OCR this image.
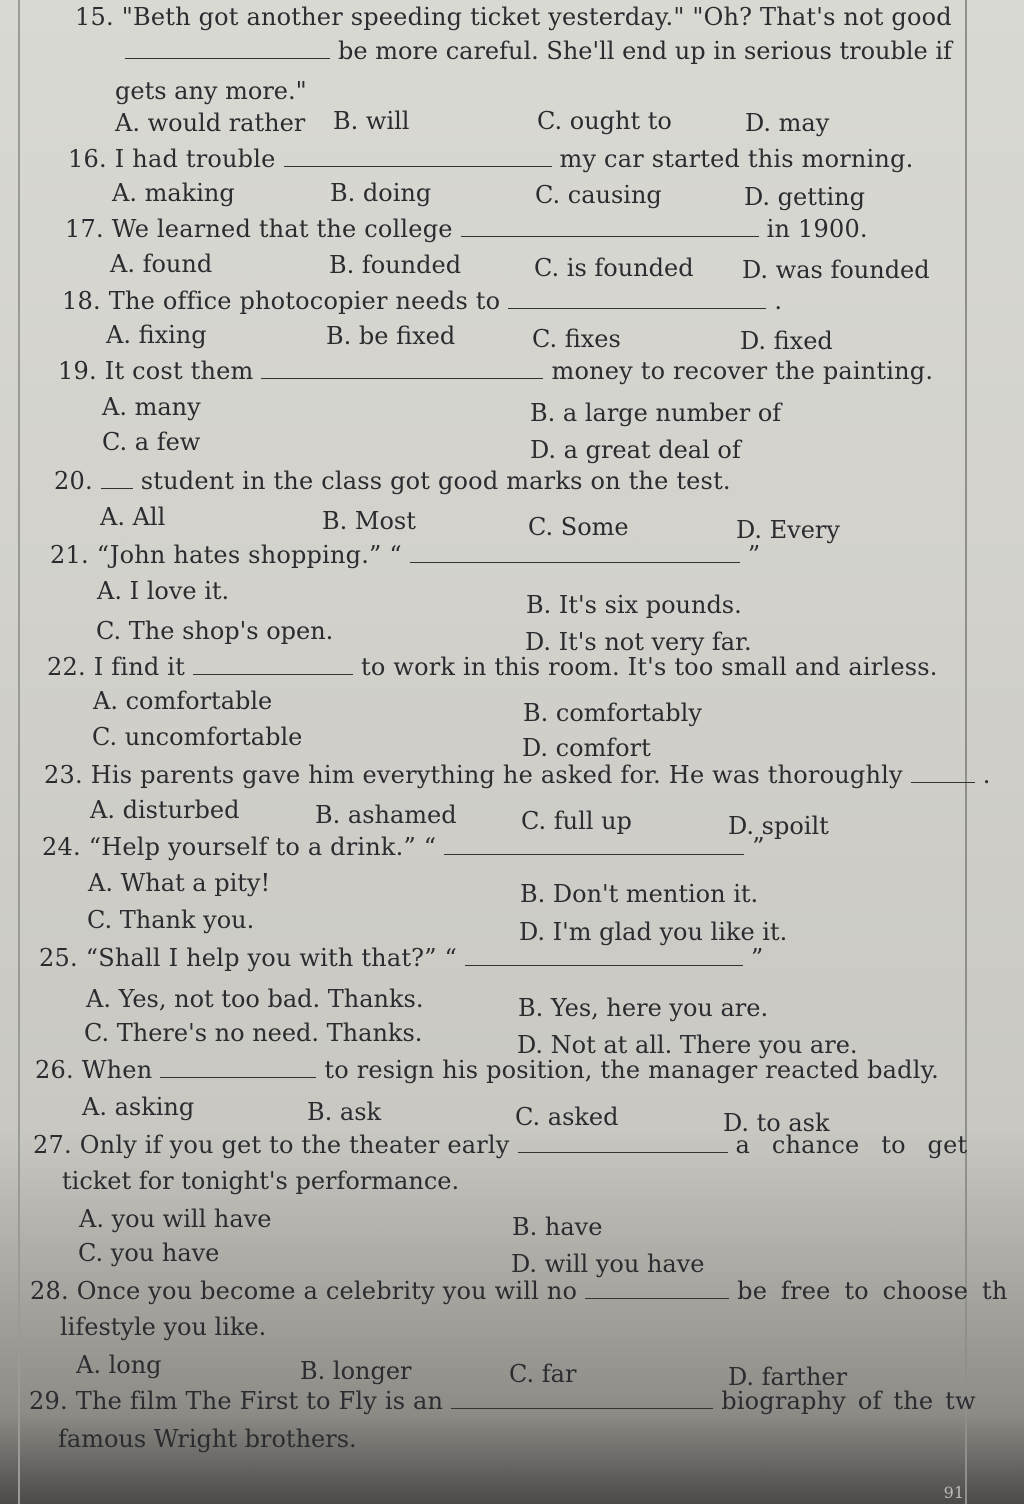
15. "Beth got another speeding ticket yesterday." "Oh? That's not good
be more careful. She'll end up in serious trouble if
gets any more."
A. would rather B. will	C. ought to	D. may
16. I had trouble	my car started this morning.
A. making	B. doing	C. causing	D. getting
17. We learned that the college	in 1900.
A. found	B. founded	C. is founded D. was founded
18. The office photocopier needs to	.
A. fixing	B. be fixed	C. fixes	D. fixed
19. It cost them	money to recover the painting.
A. many	B. a large number of
C. a few	D. a great deal of
20. student in the class got good marks on the test.
A. All	B. Most	C. Some	D. Every
21. “John hates shopping.” “	”
A. I love it.	B. It's six pounds.
C. The shop's open.	D. It's not very far.
22. I find it	to work in this room. It's too small and airless.
A. comfortable	B. comfortably
C. uncomfortable	D. comfort
23. His parents gave him everything he asked for. He was thoroughly	.
A. disturbed	B. ashamed	C. full up	D. spoilt
24. “Help yourself to a drink.” “	”
A. What a pity!	B. Don't mention it.
C. Thank you.	D. I'm glad you like it.
25. “Shall I help you with that?” “	”
A. Yes, not too bad. Thanks.	B. Yes, here you are.
C. There's no need. Thanks.	D. Not at all. There you are.
26. When	to resign his position, the manager reacted badly.
A. asking	B. ask	C. asked	D. to ask
27. Only if you get to the theater early	a chance to get
ticket for tonight's performance.
A. you will have	B. have
C. you have	D. will you have
28. Once you become a celebrity you will no	be free to choose th
lifestyle you like.
A. long	B. longer	C. far	D. farther
29. The film The First to Fly is an	biography of the tw
famous Wright brothers.
91
